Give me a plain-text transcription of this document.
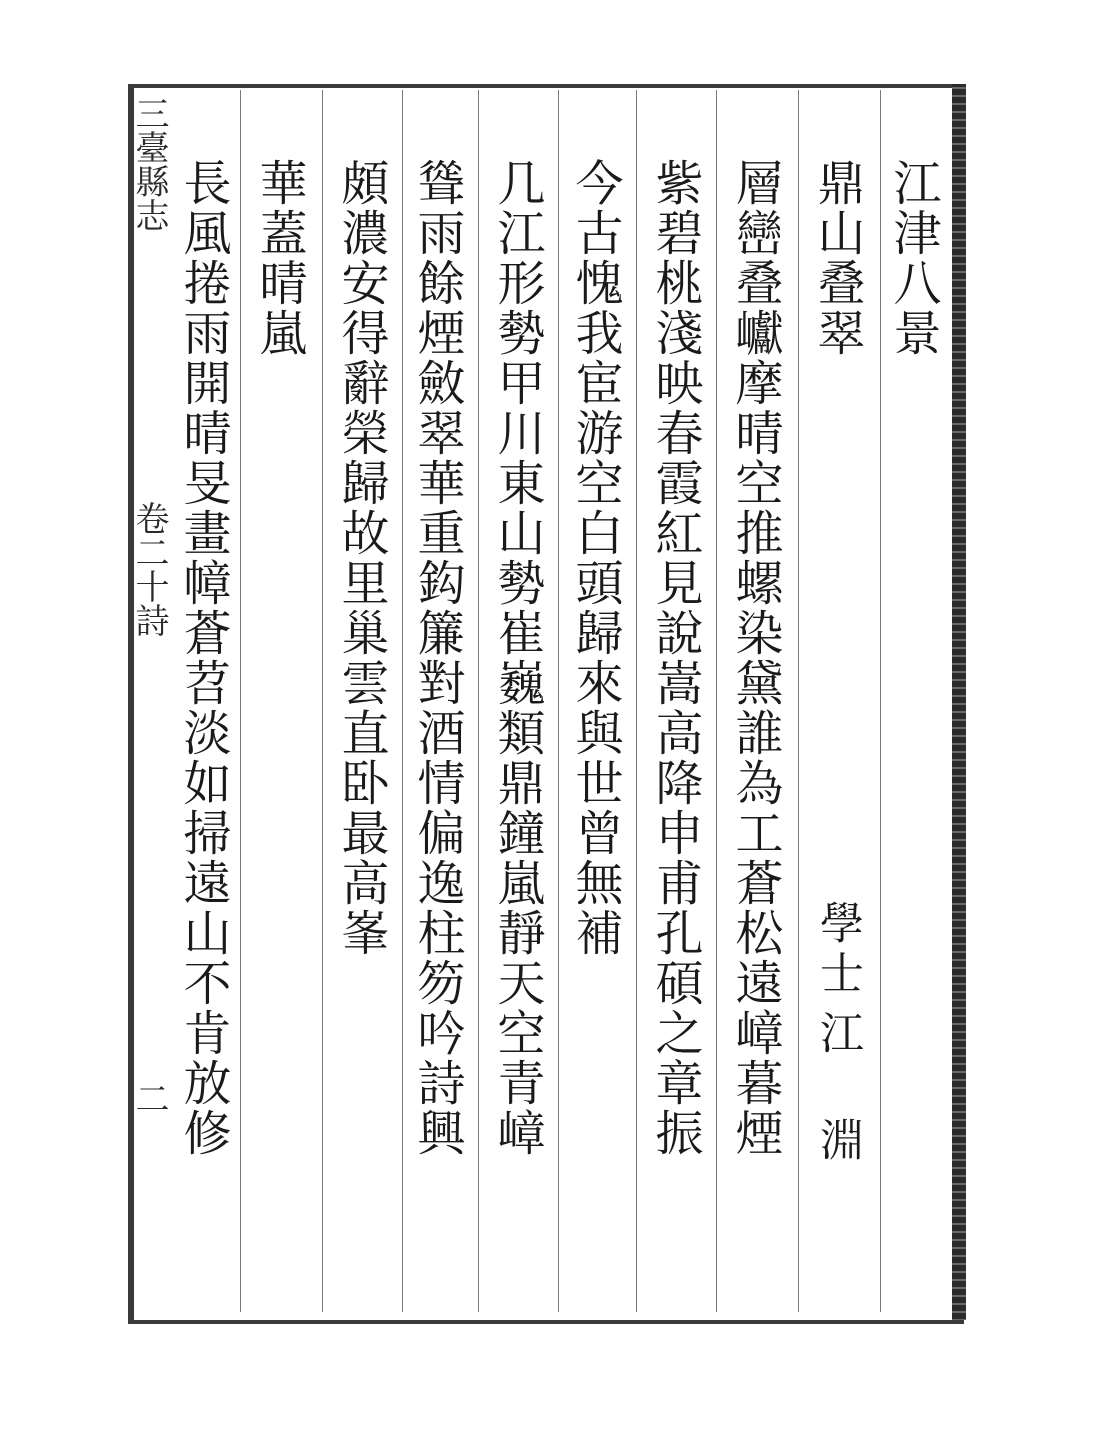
三臺縣志
卷二十詩
二
江津八景
學士
江 淵
鼎山叠翠
層巒叠巘摩晴空推螺染黛誰為工蒼松遠嶂暮煙
紫碧桃淺映春霞紅見說嵩高降申甫孔碩之章振
今古愧我宦游空白頭歸來與世曾無補
几江形勢甲川東山勢崔巍類鼎鐘嵐靜天空青嶂
聳雨餘煙斂翠華重鈎簾對酒情偏逸柱笏吟詩興
頗濃安得辭榮歸故里巢雲直卧最高峯
華蓋晴嵐
長風捲雨開晴旻畫幛蒼苕淡如掃遠山不肯放修
